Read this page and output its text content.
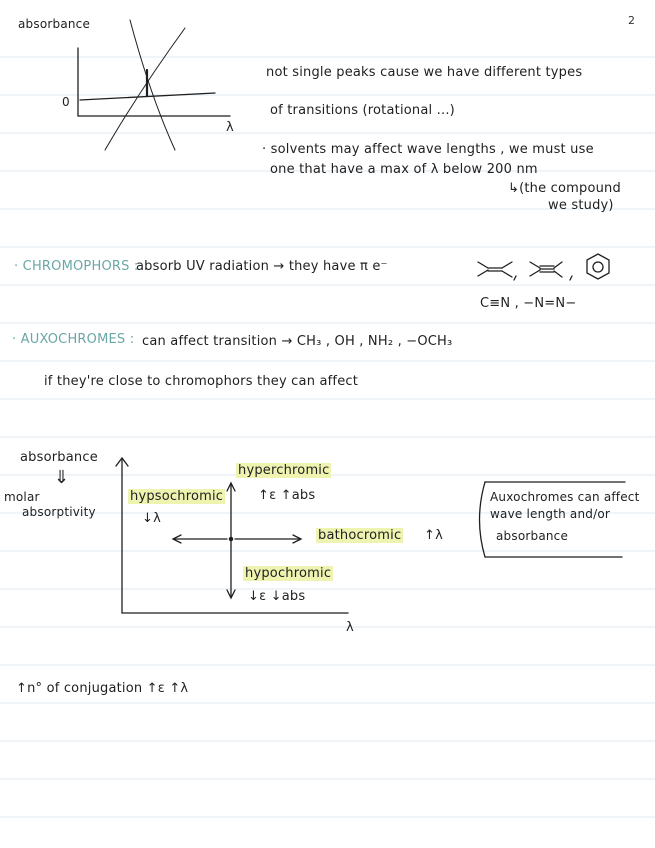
2
absorbance
0
λ
not single peaks cause we have different types
of transitions (rotational ...)
· solvents may affect wave lengths , we must use
one that have a max of λ below 200 nm
↳(the compound
we study)
· CHROMOPHORS :
absorb UV radiation → they have π e⁻
C≡N , −N=N−
· AUXOCHROMES : can affect transition → CH₃ , OH , NH₂ , −OCH₃
if they're close to chromophors they can affect
absorbance
⇓
molar
absorptivity
hyperchromic
↑ε ↑abs
hypsochromic
↓λ
bathocromic ↑λ
hypochromic
↓ε ↓abs
λ
Auxochromes can affect
wave length and/or
absorbance
↑n° of conjugation ↑ε ↑λ
